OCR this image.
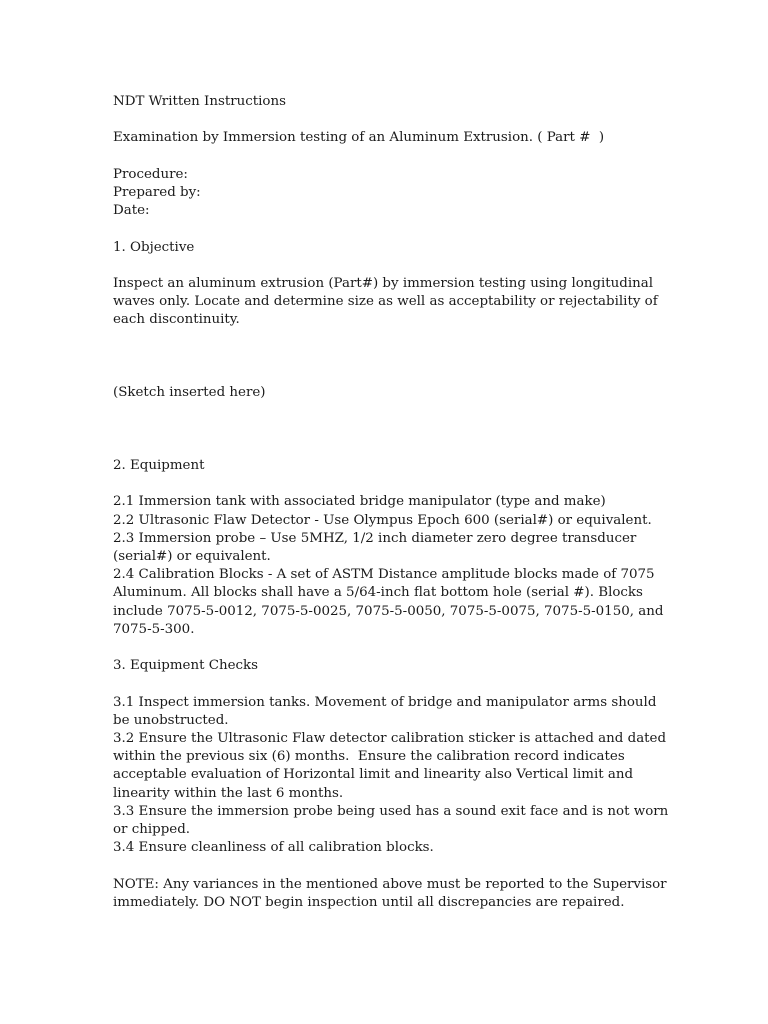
NDT Written Instructions

Examination by Immersion testing of an Aluminum Extrusion. ( Part #  )

Procedure:

Prepared by:

Date:

1. Objective

Inspect an aluminum extrusion (Part#) by immersion testing using longitudinal waves only. Locate and determine size as well as acceptability or rejectability of each discontinuity.

(Sketch inserted here)

2. Equipment

2.1 Immersion tank with associated bridge manipulator (type and make)

2.2 Ultrasonic Flaw Detector - Use Olympus Epoch 600 (serial#) or equivalent.

2.3 Immersion probe – Use 5MHZ, 1/2 inch diameter zero degree transducer (serial#) or equivalent.

2.4 Calibration Blocks - A set of ASTM Distance amplitude blocks made of 7075 Aluminum. All blocks shall have a 5/64-inch flat bottom hole (serial #). Blocks include 7075-5-0012, 7075-5-0025, 7075-5-0050, 7075-5-0075, 7075-5-0150, and 7075-5-300.

3. Equipment Checks

3.1 Inspect immersion tanks. Movement of bridge and manipulator arms should be unobstructed.

3.2 Ensure the Ultrasonic Flaw detector calibration sticker is attached and dated within the previous six (6) months.  Ensure the calibration record indicates acceptable evaluation of Horizontal limit and linearity also Vertical limit and linearity within the last 6 months.

3.3 Ensure the immersion probe being used has a sound exit face and is not worn or chipped.

3.4 Ensure cleanliness of all calibration blocks.

NOTE: Any variances in the mentioned above must be reported to the Supervisor immediately. DO NOT begin inspection until all discrepancies are repaired.
